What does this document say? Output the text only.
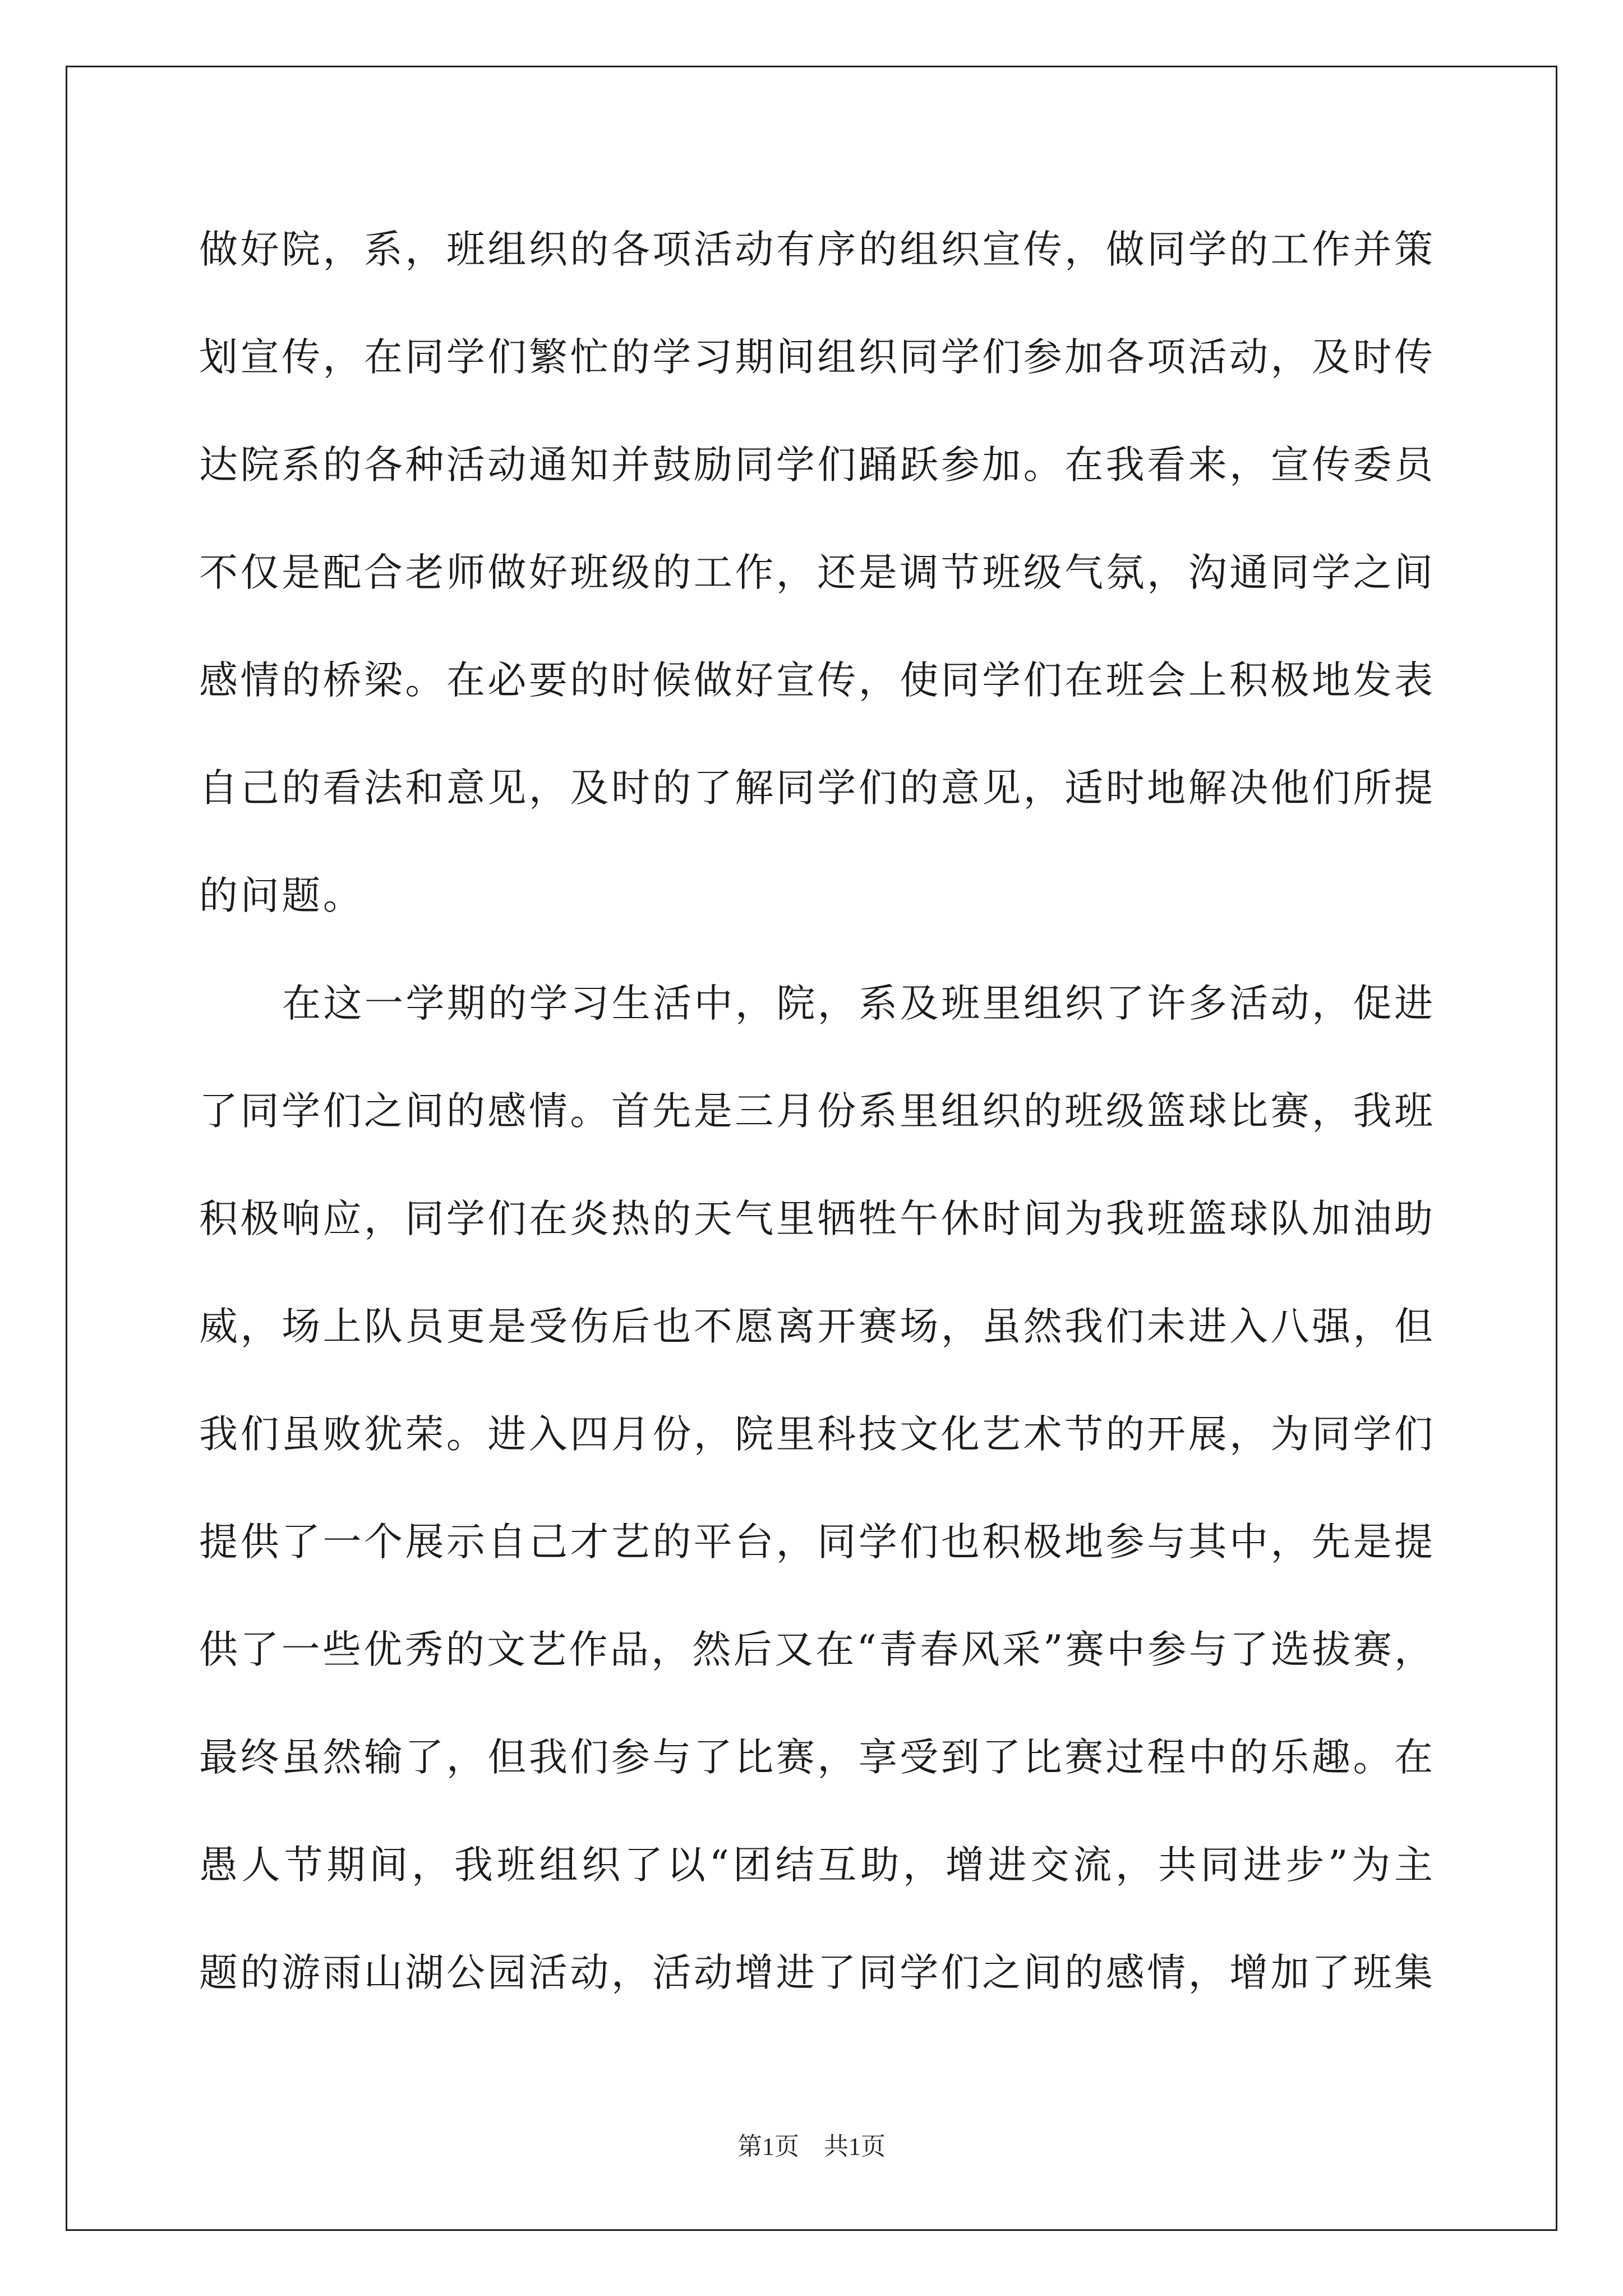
做好院，系，班组织的各项活动有序的组织宣传，做同学的工作并策
划宣传，在同学们繁忙的学习期间组织同学们参加各项活动，及时传
达院系的各种活动通知并鼓励同学们踊跃参加。在我看来，宣传委员
不仅是配合老师做好班级的工作，还是调节班级气氛，沟通同学之间
感情的桥梁。在必要的时候做好宣传，使同学们在班会上积极地发表
自己的看法和意见，及时的了解同学们的意见，适时地解决他们所提
的问题。
在这一学期的学习生活中，院，系及班里组织了许多活动，促进
了同学们之间的感情。首先是三月份系里组织的班级篮球比赛，我班
积极响应，同学们在炎热的天气里牺牲午休时间为我班篮球队加油助
威，场上队员更是受伤后也不愿离开赛场，虽然我们未进入八强，但
我们虽败犹荣。进入四月份，院里科技文化艺术节的开展，为同学们
提供了一个展示自己才艺的平台，同学们也积极地参与其中，先是提
供了一些优秀的文艺作品，然后又在“青春风采”赛中参与了选拔赛，
最终虽然输了，但我们参与了比赛，享受到了比赛过程中的乐趣。在
愚人节期间，我班组织了以“团结互助，增进交流，共同进步”为主
题的游雨山湖公园活动，活动增进了同学们之间的感情，增加了班集
第1页 共1页
